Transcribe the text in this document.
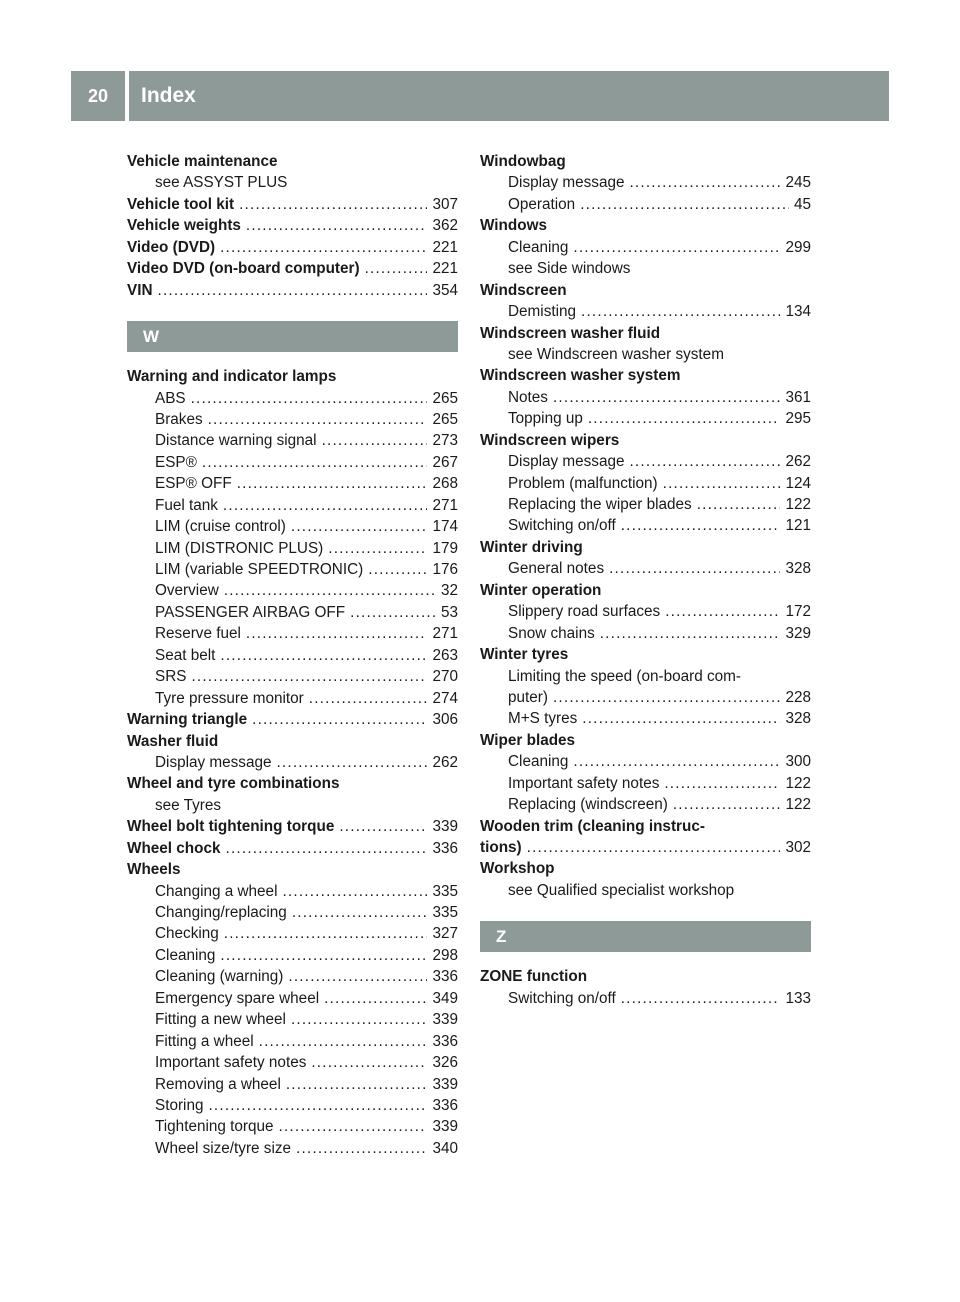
20	Index
Vehicle maintenance
see ASSYST PLUS
Vehicle tool kit .....	307
Vehicle weights .....	362
Video (DVD) .....	221
Video DVD (on-board computer) .....	221
VIN .....	354
W
Warning and indicator lamps
ABS .....	265
Brakes .....	265
Distance warning signal .....	273
ESP® .....	267
ESP® OFF .....	268
Fuel tank .....	271
LIM (cruise control) .....	174
LIM (DISTRONIC PLUS) .....	179
LIM (variable SPEEDTRONIC) .....	176
Overview .....	32
PASSENGER AIRBAG OFF .....	53
Reserve fuel .....	271
Seat belt .....	263
SRS .....	270
Tyre pressure monitor .....	274
Warning triangle .....	306
Washer fluid
Display message .....	262
Wheel and tyre combinations
see Tyres
Wheel bolt tightening torque .....	339
Wheel chock .....	336
Wheels
Changing a wheel .....	335
Changing/replacing .....	335
Checking .....	327
Cleaning .....	298
Cleaning (warning) .....	336
Emergency spare wheel .....	349
Fitting a new wheel .....	339
Fitting a wheel .....	336
Important safety notes .....	326
Removing a wheel .....	339
Storing .....	336
Tightening torque .....	339
Wheel size/tyre size .....	340
Windowbag
Display message .....	245
Operation .....	45
Windows
Cleaning .....	299
see Side windows
Windscreen
Demisting .....	134
Windscreen washer fluid
see Windscreen washer system
Windscreen washer system
Notes .....	361
Topping up .....	295
Windscreen wipers
Display message .....	262
Problem (malfunction) .....	124
Replacing the wiper blades .....	122
Switching on/off .....	121
Winter driving
General notes .....	328
Winter operation
Slippery road surfaces .....	172
Snow chains .....	329
Winter tyres
Limiting the speed (on-board com-
puter) .....	228
M+S tyres .....	328
Wiper blades
Cleaning .....	300
Important safety notes .....	122
Replacing (windscreen) .....	122
Wooden trim (cleaning instruc-
tions) .....	302
Workshop
see Qualified specialist workshop
Z
ZONE function
Switching on/off .....	133
